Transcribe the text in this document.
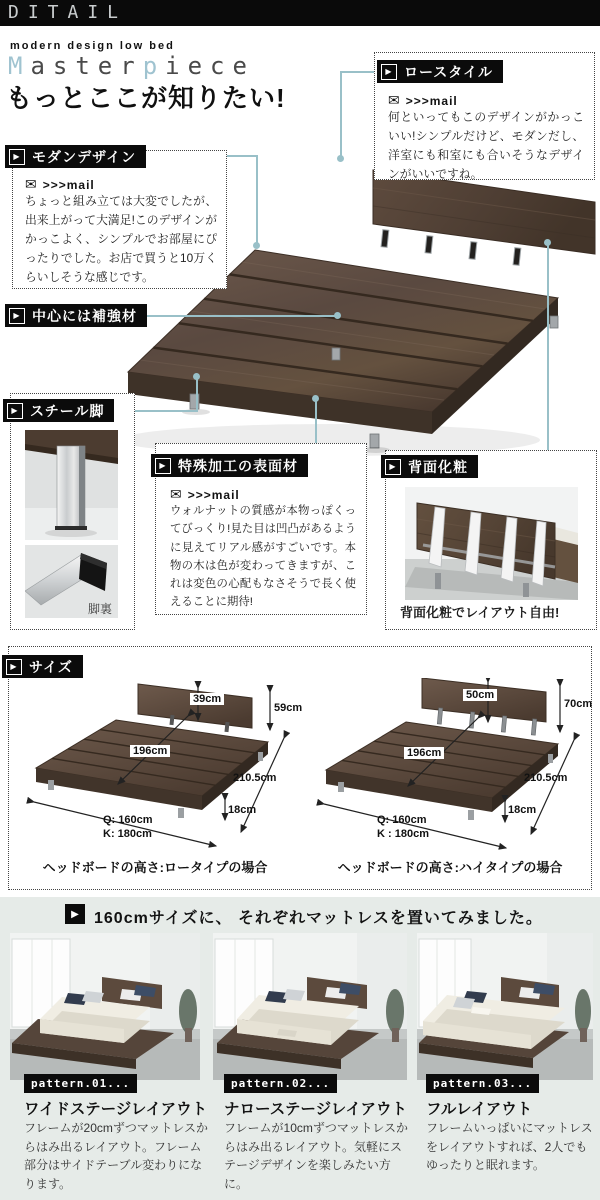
DITAIL
modern design low bed
Masterpiece
もっとここが知りたい!
▶ ロースタイル
✉ >>>mail
何といってもこのデザインがかっこいい!シンプルだけど、モダンだし、洋室にも和室にも合いそうなデザインがいいですね。
▶ モダンデザイン
✉ >>>mail
ちょっと組み立ては大変でしたが、出来上がって大満足!このデザインがかっこよく、シンプルでお部屋にぴったりでした。お店で買うと10万くらいしそうな感じです。
▶ 中心には補強材
▶ スチール脚
脚裏
▶ 特殊加工の表面材
✉ >>>mail
ウォルナットの質感が本物っぽくってびっくり!見た目は凹凸があるように見えてリアル感がすごいです。本物の木は色が変わってきますが、これは変色の心配もなさそうで長く使えることに期待!
▶ 背面化粧
背面化粧でレイアウト自由!
▶ サイズ
39cm
59cm
196cm
210.5cm
18cm
Q: 160cm
K: 180cm
ヘッドボードの高さ:ロータイプの場合
50cm
70cm
196cm
210.5cm
18cm
Q: 160cm
K : 180cm
ヘッドボードの高さ:ハイタイプの場合
▶ 160cmサイズに、 それぞれマットレスを置いてみました。
pattern.01...
ワイドステージレイアウト
フレームが20cmずつマットレスからはみ出るレイアウト。フレーム部分はサイドテーブル変わりになります。
pattern.02...
ナローステージレイアウト
フレームが10cmずつマットレスからはみ出るレイアウト。気軽にステージデザインを楽しみたい方に。
pattern.03...
フルレイアウト
フレームいっぱいにマットレスをレイアウトすれば、2人でもゆったりと眠れます。
